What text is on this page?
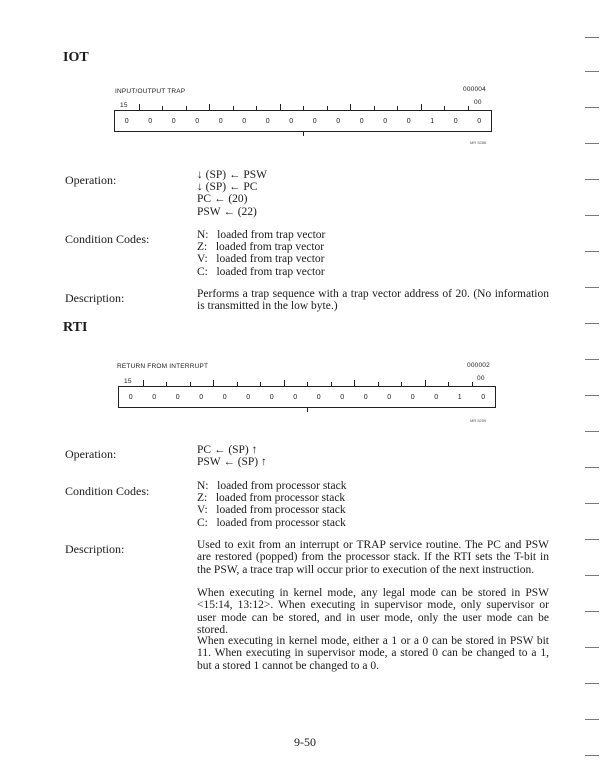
IOT
INPUT/OUTPUT TRAP	000004
15	00
0	0	0	0	0	0	0	0	0	0	0	0	0	1	0	0
MR 5288
Operation:	↓ (SP) ← PSW
↓ (SP) ← PC
PC ← (20)
PSW ← (22)
Condition Codes:	N:   loaded from trap vector
Z:   loaded from trap vector
V:   loaded from trap vector
C:   loaded from trap vector
Description:	Performs a trap sequence with a trap vector address of 20. (No information is transmitted in the low byte.)
RTI
RETURN FROM INTERRUPT	000002
15	00
0	0	0	0	0	0	0	0	0	0	0	0	0	0	1	0
MR 5259
Operation:	PC ← (SP) ↑
PSW ← (SP) ↑
Condition Codes:	N:   loaded from processor stack
Z:   loaded from processor stack
V:   loaded from processor stack
C:   loaded from processor stack
Description:	Used to exit from an interrupt or TRAP service routine. The PC and PSW are restored (popped) from the processor stack. If the RTI sets the T-bit in the PSW, a trace trap will occur prior to execution of the next instruction.
When executing in kernel mode, any legal mode can be stored in PSW <15:14, 13:12>. When executing in supervisor mode, only supervisor or user mode can be stored, and in user mode, only the user mode can be stored.
When executing in kernel mode, either a 1 or a 0 can be stored in PSW bit 11. When executing in supervisor mode, a stored 0 can be changed to a 1, but a stored 1 cannot be changed to a 0.
9-50
